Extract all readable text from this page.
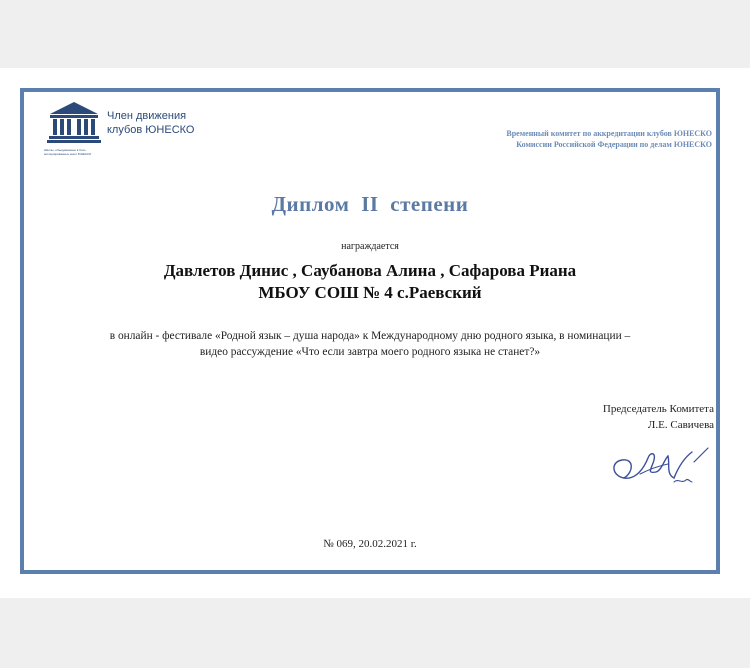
Школы, объединённые в Сеть ассоциированных школ ЮНЕСКО
Член движения
клубов ЮНЕСКО	Временный комитет по аккредитации клубов ЮНЕСКО
Комиссии Российской Федерации по делам ЮНЕСКО
Диплом II степени
награждается
Давлетов Динис , Саубанова Алина , Сафарова Риана
МБОУ СОШ № 4 с.Раевский
в онлайн - фестивале «Родной язык – душа народа» к Международному дню родного языка, в номинации –
видео рассуждение «Что если завтра моего родного языка не станет?»
Председатель Комитета
Л.Е. Савичева
№ 069, 20.02.2021 г.
